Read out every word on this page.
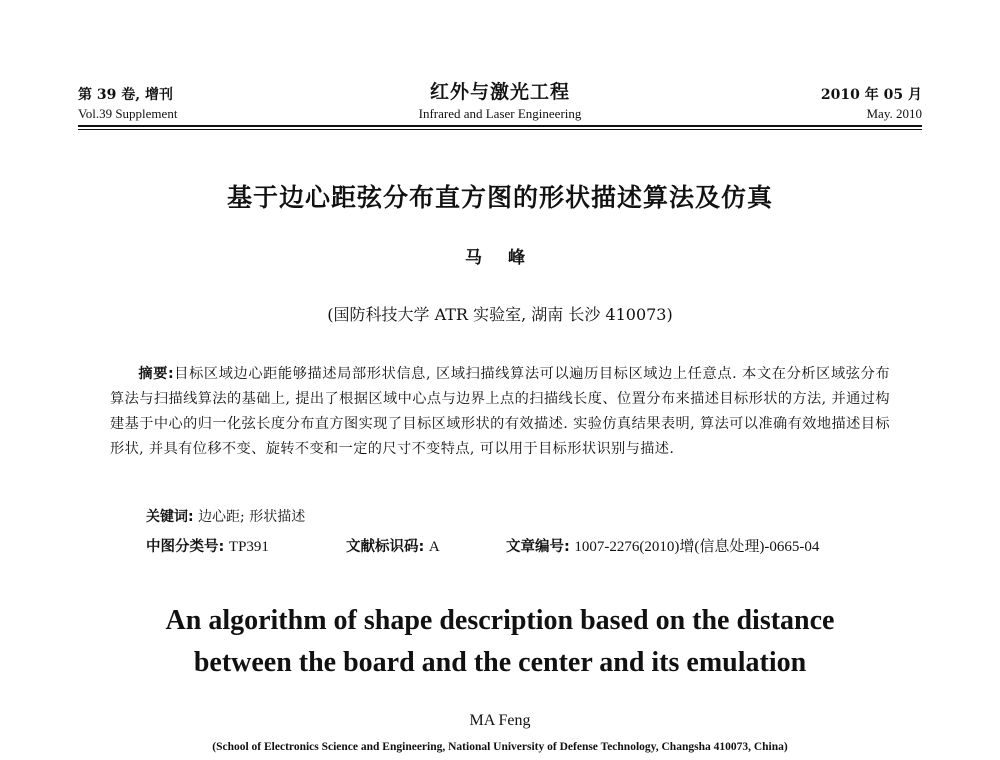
第 39 卷, 增刊
Vol.39 Supplement
红外与激光工程
Infrared and Laser Engineering
2010 年 05 月
May. 2010
基于边心距弦分布直方图的形状描述算法及仿真
马 峰
(国防科技大学 ATR 实验室, 湖南 长沙 410073)
摘要:目标区域边心距能够描述局部形状信息, 区域扫描线算法可以遍历目标区域边上任意点. 本文在分析区域弦分布算法与扫描线算法的基础上, 提出了根据区域中心点与边界上点的扫描线长度、位置分布来描述目标形状的方法, 并通过构建基于中心的归一化弦长度分布直方图实现了目标区域形状的有效描述. 实验仿真结果表明, 算法可以准确有效地描述目标形状, 并具有位移不变、旋转不变和一定的尺寸不变特点, 可以用于目标形状识别与描述.
关键词: 边心距; 形状描述
中图分类号: TP391	文献标识码: A	文章编号: 1007-2276(2010)增(信息处理)-0665-04
An algorithm of shape description based on the distance
between the board and the center and its emulation
MA Feng
(School of Electronics Science and Engineering, National University of Defense Technology, Changsha 410073, China)
